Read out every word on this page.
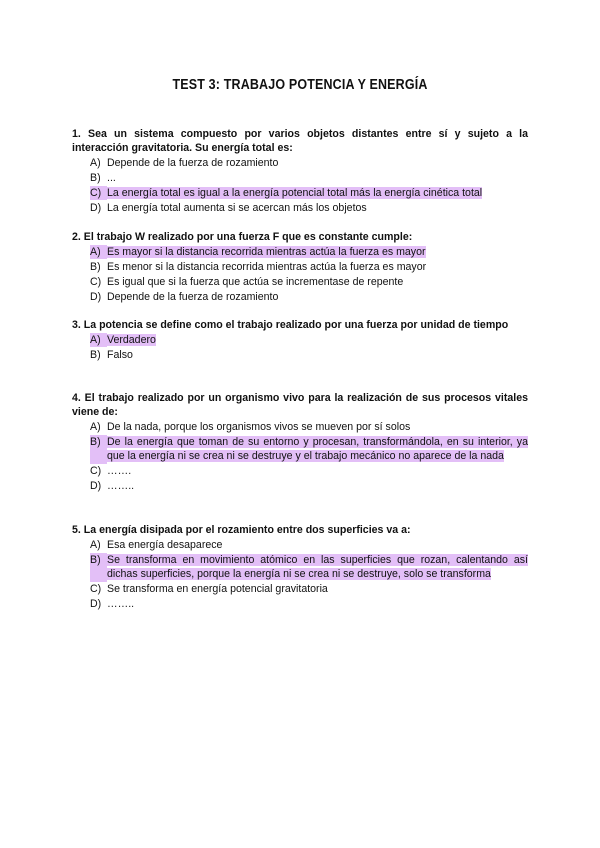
TEST 3: TRABAJO POTENCIA Y ENERGÍA

1. Sea un sistema compuesto por varios objetos distantes entre sí y sujeto a la interacción gravitatoria. Su energía total es:

A) Depende de la fuerza de rozamiento
B) ...
C) La energía total es igual a la energía potencial total más la energía cinética total
D) La energía total aumenta si se acercan más los objetos

2. El trabajo W realizado por una fuerza F que es constante cumple:

A) Es mayor si la distancia recorrida mientras actúa la fuerza es mayor
B) Es menor si la distancia recorrida mientras actúa la fuerza es mayor
C) Es igual que si la fuerza que actúa se incrementase de repente
D) Depende de la fuerza de rozamiento

3. La potencia se define como el trabajo realizado por una fuerza por unidad de tiempo

A) Verdadero
B) Falso

4. El trabajo realizado por un organismo vivo para la realización de sus procesos vitales viene de:

A) De la nada, porque los organismos vivos se mueven por sí solos
B) De la energía que toman de su entorno y procesan, transformándola, en su interior, ya que la energía ni se crea ni se destruye y el trabajo mecánico no aparece de la nada
C) …….
D) ……..

5. La energía disipada por el rozamiento entre dos superficies va a:

A) Esa energía desaparece
B) Se transforma en movimiento atómico en las superficies que rozan, calentando así dichas superficies, porque la energía ni se crea ni se destruye, solo se transforma
C) Se transforma en energía potencial gravitatoria
D) ……..
